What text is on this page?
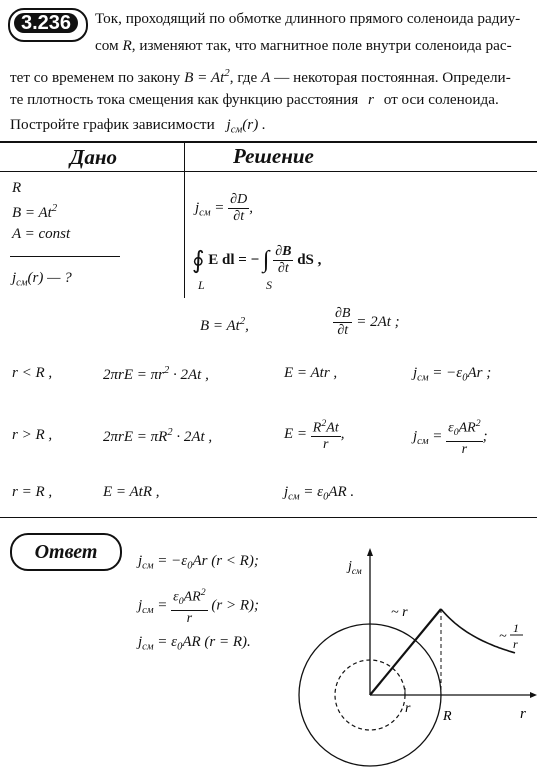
3.236	Ток, проходящий по обмотке длинного прямого соленоида радиу-
сом R, изменяют так, что магнитное поле внутри соленоида рас-
тет со временем по закону $B = At^2$, где A — некоторая постоянная. Определи-
те плотность тока смещения как функцию расстояния r от оси соленоида.
Постройте график зависимости $j_{см}(r)$ .
Дано	Решение
R
$B = At^2$
A = const
$j_{см}(r)$ — ?
$j_{см} = \frac{\partial D}{\partial t}$ ,
∮ E dl = − ∫ $\frac{\partial B}{\partial t}$ dS ,
L	S
$B = At^2$,	$\frac{\partial B}{\partial t} = 2At$ ;
r < R ,	$2\pi rE = \pi r^2 \cdot 2At$ ,	E = Atr ,	$j_{см} = -\varepsilon_0Ar$ ;
r > R ,	$2\pi rE = \pi R^2 \cdot 2At$ ,	$E = \frac{R^2At}{r}$ ,	$j_{см} = \frac{\varepsilon_0AR^2}{r}$ ;
r = R ,	E = AtR ,	$j_{см} = \varepsilon_0AR$ .
Ответ	$j_{см} = -\varepsilon_0Ar$ (r < R);
$j_{см} = \frac{\varepsilon_0AR^2}{r} (r > R)$;
$j_{см} = \varepsilon_0AR$ (r = R).
$j_{см}$
r
r
R
~ r
~
1
r
